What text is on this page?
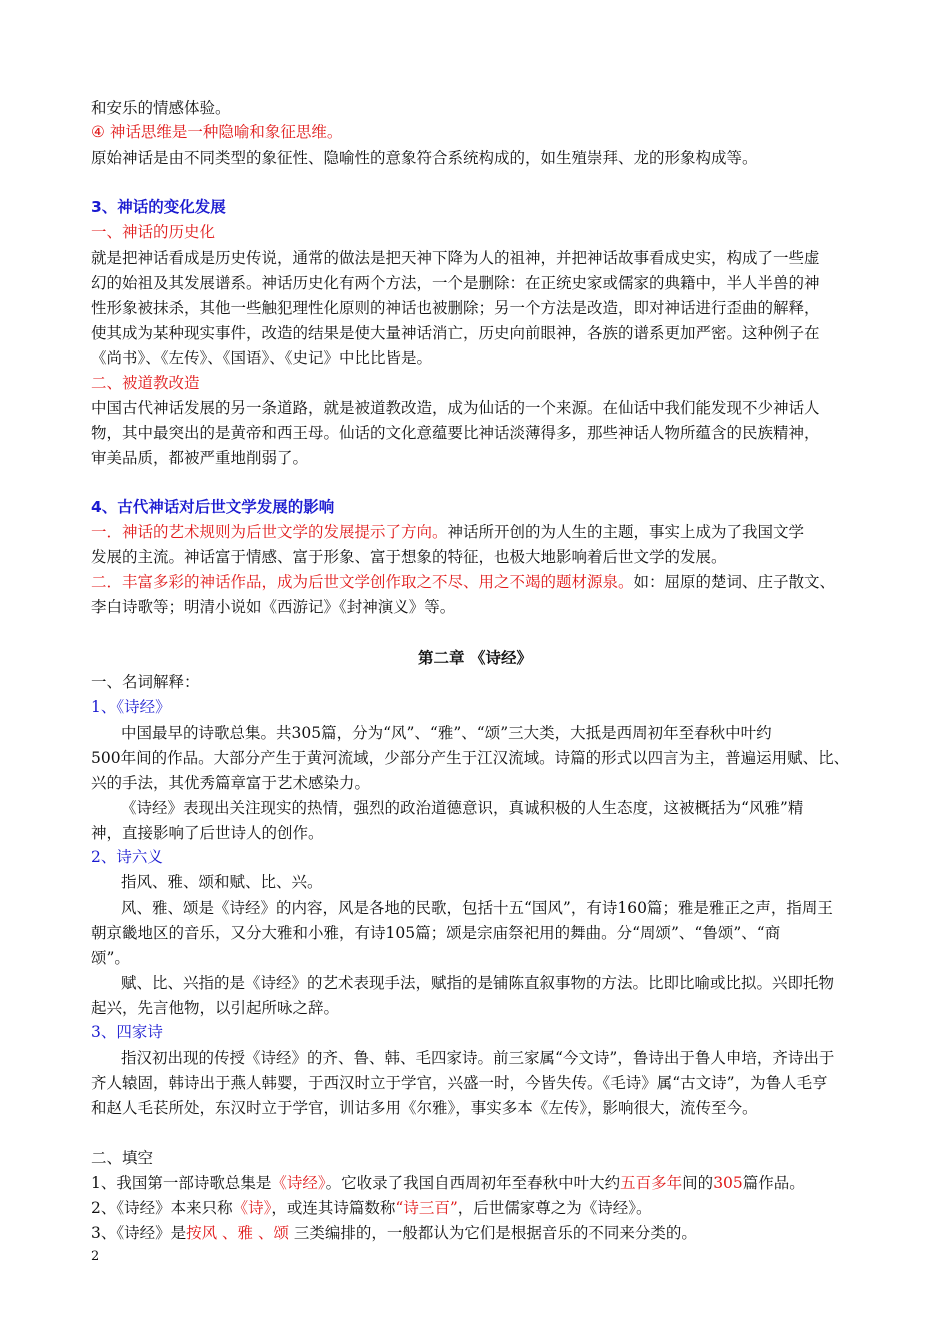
和安乐的情感体验。
④ 神话思维是一种隐喻和象征思维。
原始神话是由不同类型的象征性、隐喻性的意象符合系统构成的，如生殖崇拜、龙的形象构成等。
3、神话的变化发展
一、神话的历史化
就是把神话看成是历史传说，通常的做法是把天神下降为人的祖神，并把神话故事看成史实，构成了一些虚
幻的始祖及其发展谱系。神话历史化有两个方法，一个是删除：在正统史家或儒家的典籍中，半人半兽的神
性形象被抹杀，其他一些触犯理性化原则的神话也被删除；另一个方法是改造，即对神话进行歪曲的解释，
使其成为某种现实事件，改造的结果是使大量神话消亡，历史向前眼神，各族的谱系更加严密。这种例子在
《尚书》、《左传》、《国语》、《史记》中比比皆是。
二、被道教改造
中国古代神话发展的另一条道路，就是被道教改造，成为仙话的一个来源。在仙话中我们能发现不少神话人
物，其中最突出的是黄帝和西王母。仙话的文化意蕴要比神话淡薄得多，那些神话人物所蕴含的民族精神，
审美品质，都被严重地削弱了。
4、古代神话对后世文学发展的影响
一．神话的艺术规则为后世文学的发展提示了方向。神话所开创的为人生的主题，事实上成为了我国文学
发展的主流。神话富于情感、富于形象、富于想象的特征，也极大地影响着后世文学的发展。
二．丰富多彩的神话作品，成为后世文学创作取之不尽、用之不竭的题材源泉。如：屈原的楚词、庄子散文、
李白诗歌等；明清小说如《西游记》《封神演义》等。
第二章 《诗经》
一、名词解释：
1、《诗经》
中国最早的诗歌总集。共305篇，分为“风”、“雅”、“颂”三大类，大抵是西周初年至春秋中叶约
500年间的作品。大部分产生于黄河流域，少部分产生于江汉流域。诗篇的形式以四言为主，普遍运用赋、比、
兴的手法，其优秀篇章富于艺术感染力。
《诗经》表现出关注现实的热情，强烈的政治道德意识，真诚积极的人生态度，这被概括为“风雅”精
神，直接影响了后世诗人的创作。
2、诗六义
指风、雅、颂和赋、比、兴。
风、雅、颂是《诗经》的内容，风是各地的民歌，包括十五“国风”，有诗160篇；雅是雅正之声，指周王
朝京畿地区的音乐，又分大雅和小雅，有诗105篇；颂是宗庙祭祀用的舞曲。分“周颂”、“鲁颂”、“商
颂”。
赋、比、兴指的是《诗经》的艺术表现手法，赋指的是铺陈直叙事物的方法。比即比喻或比拟。兴即托物
起兴，先言他物，以引起所咏之辞。
3、四家诗
指汉初出现的传授《诗经》的齐、鲁、韩、毛四家诗。前三家属“今文诗”，鲁诗出于鲁人申培，齐诗出于
齐人辕固，韩诗出于燕人韩婴，于西汉时立于学官，兴盛一时，今皆失传。《毛诗》属“古文诗”，为鲁人毛亨
和赵人毛苌所处，东汉时立于学官，训诂多用《尔雅》，事实多本《左传》，影响很大，流传至今。
二、填空
1、我国第一部诗歌总集是《诗经》。它收录了我国自西周初年至春秋中叶大约五百多年间的305篇作品。
2、《诗经》本来只称《诗》，或连其诗篇数称“诗三百”，后世儒家尊之为《诗经》。
3、《诗经》是按风 、雅 、颂 三类编排的，一般都认为它们是根据音乐的不同来分类的。
2
